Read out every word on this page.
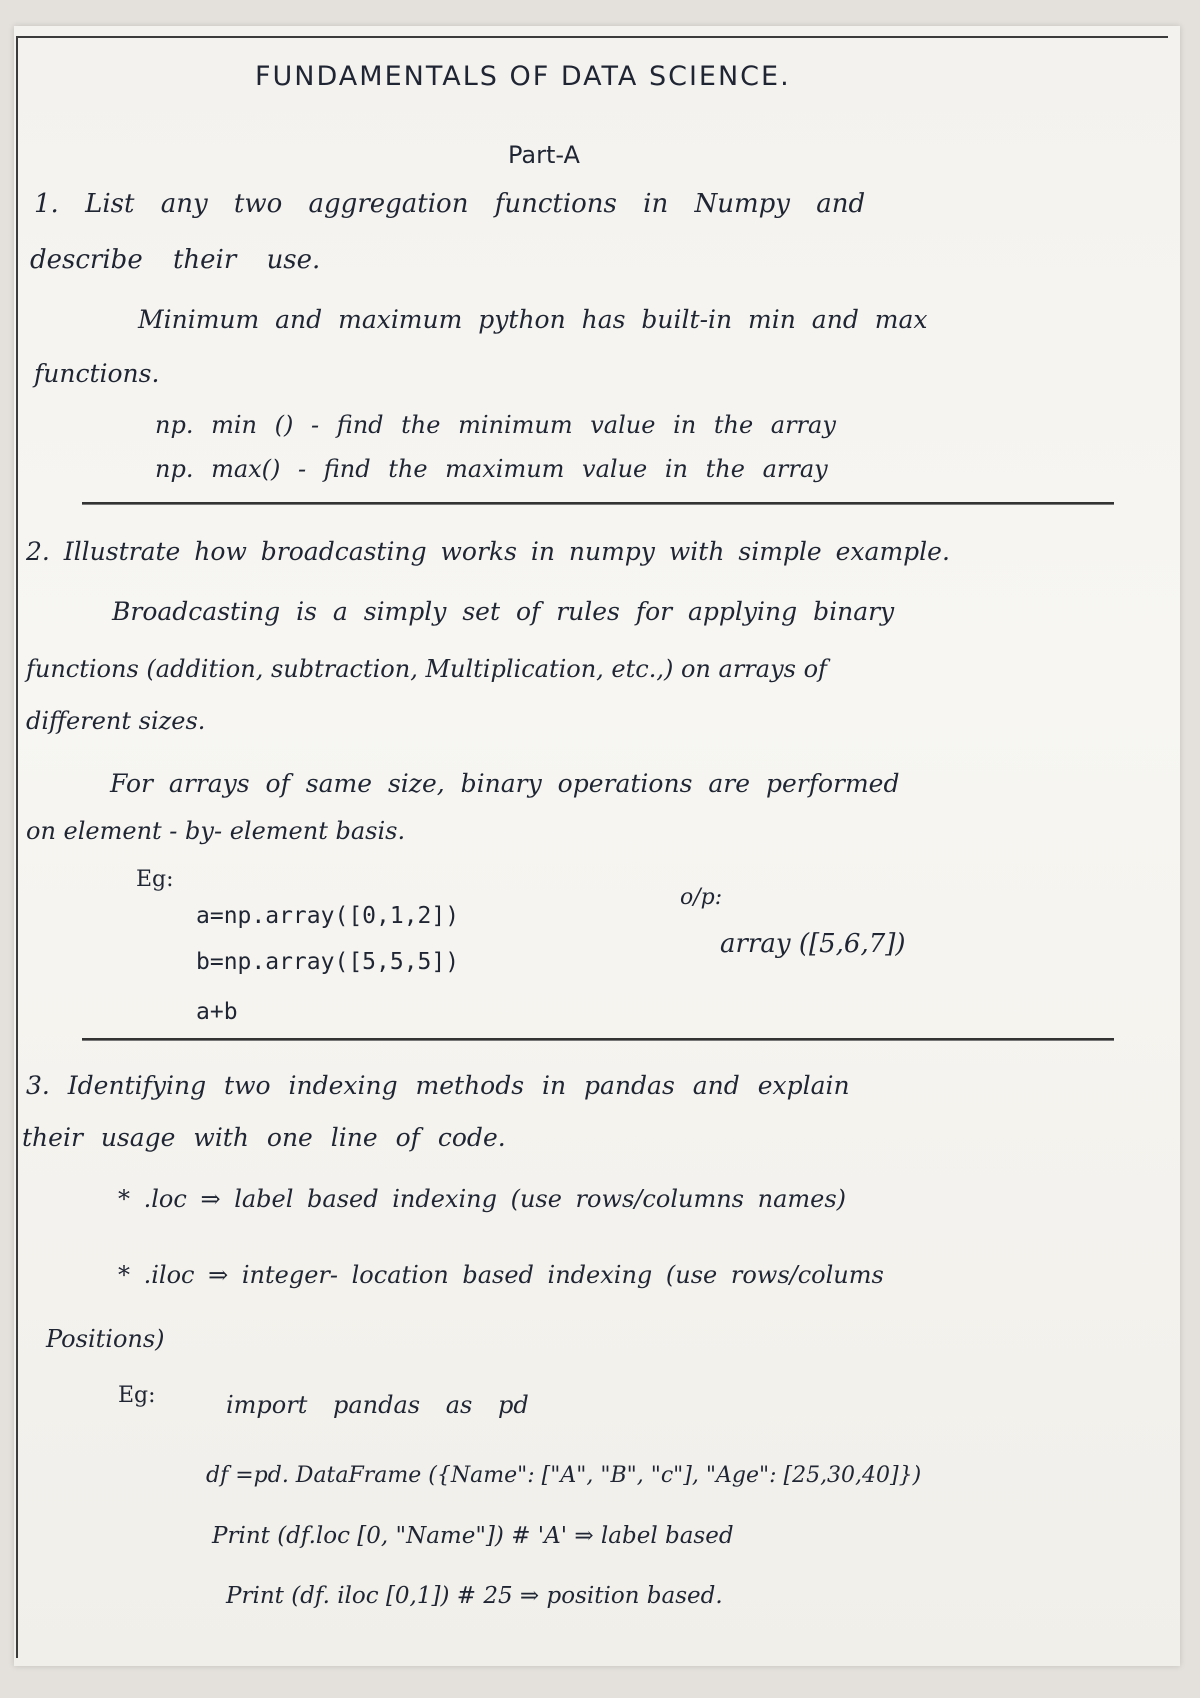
FUNDAMENTALS OF DATA SCIENCE.
Part-A
1. List any two aggregation functions in Numpy and
describe their use.
Minimum and maximum python has built-in min and max
functions.
np. min () - find the minimum value in the array
np. max() - find the maximum value in the array
2. Illustrate how broadcasting works in numpy with simple example.
Broadcasting is a simply set of rules for applying binary
functions (addition, subtraction, Multiplication, etc.,) on arrays of
different sizes.
For arrays of same size, binary operations are performed
on element - by- element basis.
Eg:
a=np.array([0,1,2])
b=np.array([5,5,5])
a+b
o/p:
array ([5,6,7])
3. Identifying two indexing methods in pandas and explain
their usage with one line of code.
* .loc ⇒ label based indexing (use rows/columns names)
* .iloc ⇒ integer- location based indexing (use rows/colums
Positions)
Eg:	import pandas as pd
df =pd. DataFrame ({Name": ["A", "B", "c"], "Age": [25,30,40]})
Print (df.loc [0, "Name"]) # 'A' ⇒ label based
Print (df. iloc [0,1]) # 25 ⇒ position based.
